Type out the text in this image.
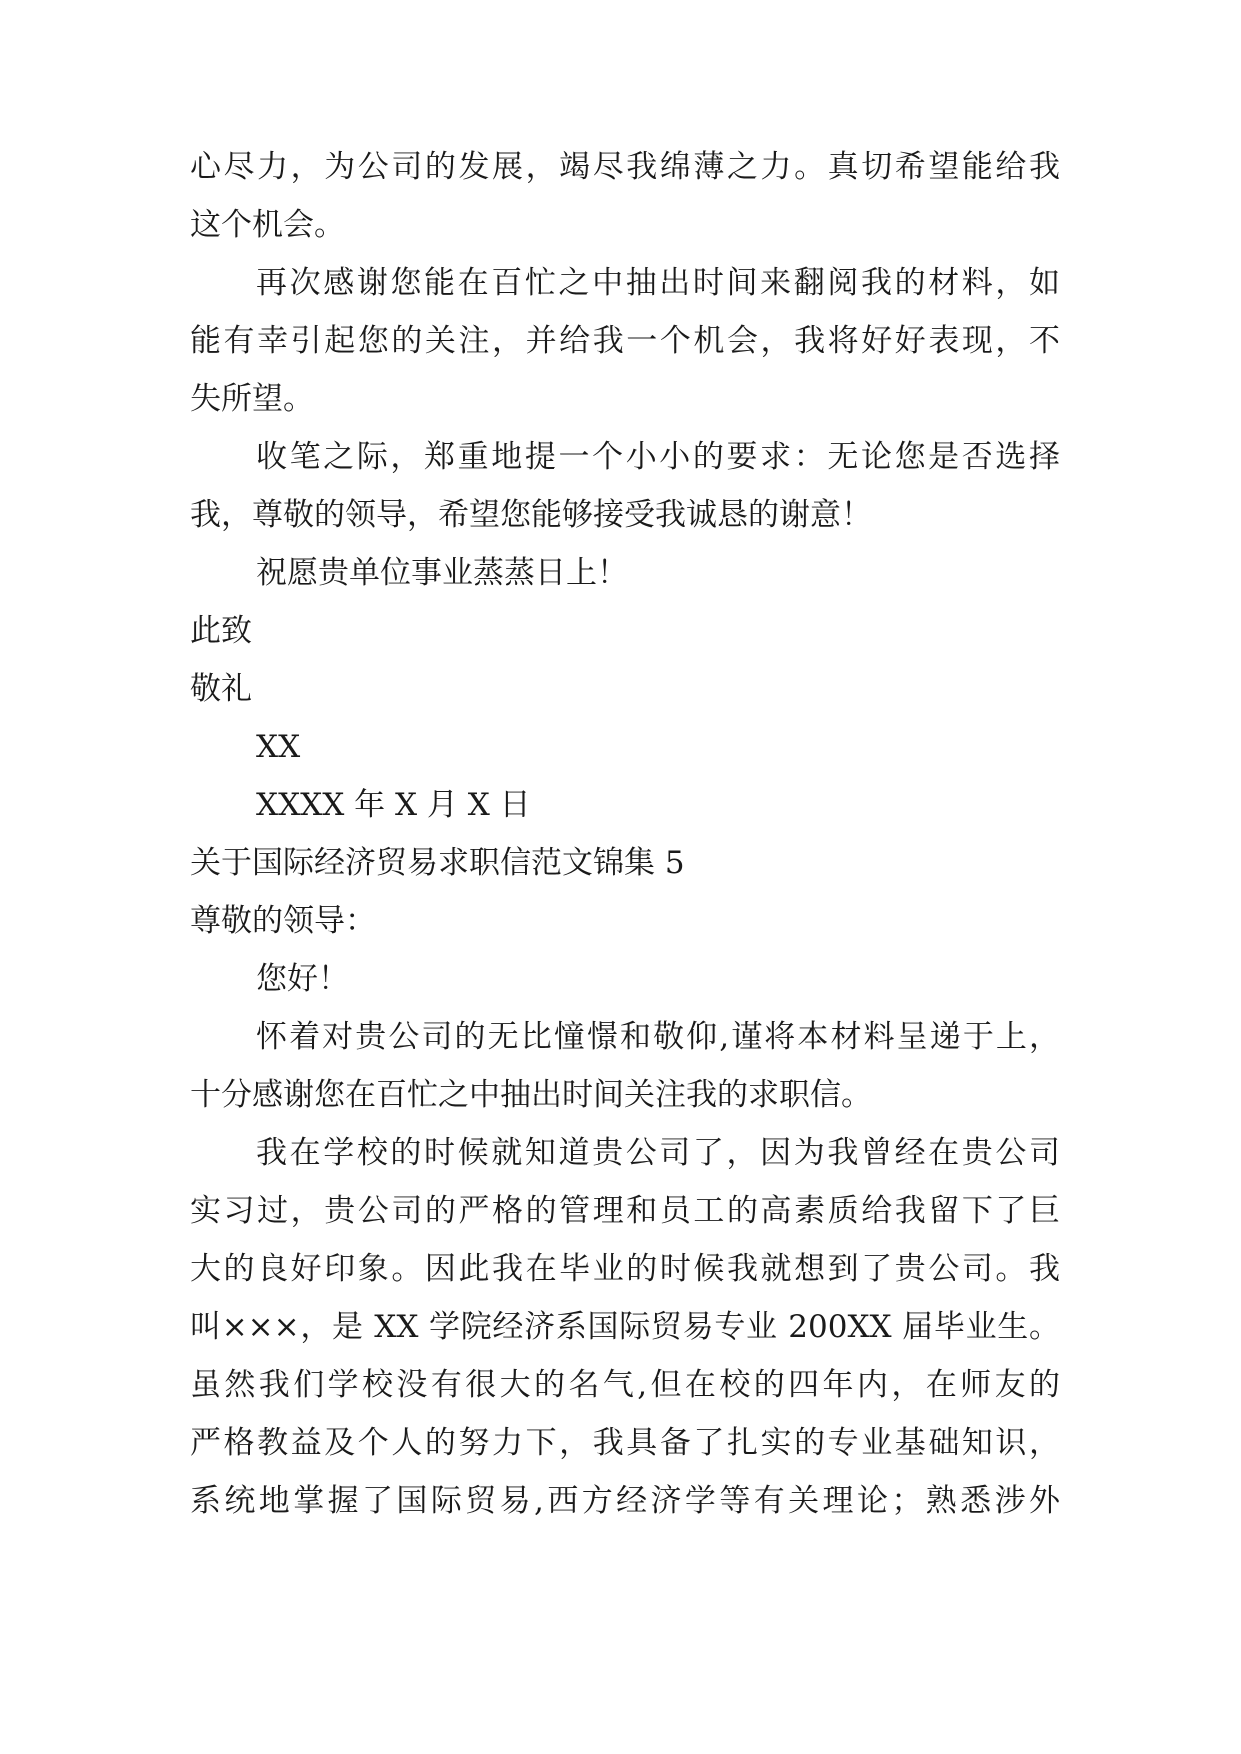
心尽力，为公司的发展，竭尽我绵薄之力。真切希望能给我
这个机会。
再次感谢您能在百忙之中抽出时间来翻阅我的材料，如
能有幸引起您的关注，并给我一个机会，我将好好表现，不
失所望。
收笔之际，郑重地提一个小小的要求：无论您是否选择
我，尊敬的领导，希望您能够接受我诚恳的谢意！
祝愿贵单位事业蒸蒸日上！
此致
敬礼
XX
XXXX 年 X 月 X 日
关于国际经济贸易求职信范文锦集 5
尊敬的领导：
您好！
怀着对贵公司的无比憧憬和敬仰,谨将本材料呈递于上，
十分感谢您在百忙之中抽出时间关注我的求职信。
我在学校的时候就知道贵公司了，因为我曾经在贵公司
实习过，贵公司的严格的管理和员工的高素质给我留下了巨
大的良好印象。因此我在毕业的时候我就想到了贵公司。我
叫×××，是 XX 学院经济系国际贸易专业 200XX 届毕业生。
虽然我们学校没有很大的名气,但在校的四年内，在师友的
严格教益及个人的努力下，我具备了扎实的专业基础知识，
系统地掌握了国际贸易,西方经济学等有关理论；熟悉涉外
